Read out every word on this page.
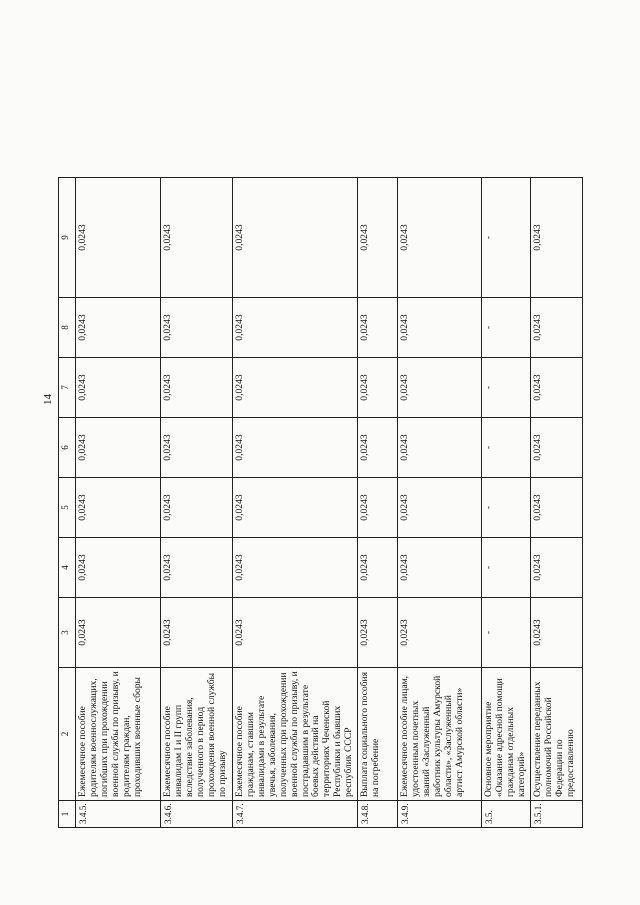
14
1	2	3	4	5	6	7	8	9
3.4.5.	Ежемесячное пособие родителям военнослужащих, погибших при прохождении военной службы по призыву, и родителям граждан, проходивших военные сборы	0,0243	0,0243	0,0243	0,0243	0,0243	0,0243	0,0243
3.4.6.	Ежемесячное пособие инвалидам I и II групп вследствие заболевания, полученного в период прохождения военной службы по призыву	0,0243	0,0243	0,0243	0,0243	0,0243	0,0243	0,0243
3.4.7.	Ежемесячное пособие гражданам, ставшим инвалидами в результате увечья, заболевания, полученных при прохождении военной службы по призыву, и пострадавшим в результате боевых действий на территориях Чеченской Республики и бывших республик СССР	0,0243	0,0243	0,0243	0,0243	0,0243	0,0243	0,0243
3.4.8.	Выплата социального пособия на погребение	0,0243	0,0243	0,0243	0,0243	0,0243	0,0243	0,0243
3.4.9.	Ежемесячное пособие лицам, удостоенным почетных званий «Заслуженный работник культуры Амурской области», «Заслуженный артист Амурской области»	0,0243	0,0243	0,0243	0,0243	0,0243	0,0243	0,0243
3.5.	Основное мероприятие «Оказание адресной помощи гражданам отдельных категорий»	-	-	-	-	-	-	-
3.5.1.	Осуществление переданных полномочий Российской Федерации по предоставлению	0,0243	0,0243	0,0243	0,0243	0,0243	0,0243	0,0243
